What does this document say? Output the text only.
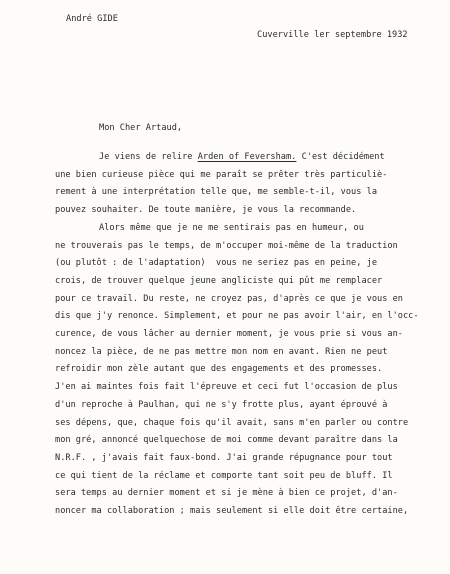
André GIDE
Cuverville ler septembre 1932
Mon Cher Artaud,
Je viens de relire Arden of Feversham. C'est décidément
une bien curieuse pièce qui me paraît se prêter très particuliè-
rement à une interprétation telle que, me semble-t-il, vous la
pouvez souhaiter. De toute manière, je vous la recommande.
Alors même que je ne me sentirais pas en humeur, ou
ne trouverais pas le temps, de m'occuper moi-même de la traduction
(ou plutôt : de l'adaptation)  vous ne seriez pas en peine, je
crois, de trouver quelque jeune angliciste qui pût me remplacer
pour ce travail. Du reste, ne croyez pas, d'après ce que je vous en
dis que j'y renonce. Simplement, et pour ne pas avoir l'air, en l'occ-
curence, de vous lâcher au dernier moment, je vous prie si vous an-
noncez la pièce, de ne pas mettre mon nom en avant. Rien ne peut
refroidir mon zèle autant que des engagements et des promesses.
J'en ai maintes fois fait l'épreuve et ceci fut l'occasion de plus
d'un reproche à Paulhan, qui ne s'y frotte plus, ayant éprouvé à
ses dépens, que, chaque fois qu'il avait, sans m'en parler ou contre
mon gré, annoncé quelquechose de moi comme devant paraître dans la
N.R.F. , j'avais fait faux-bond. J'ai grande répugnance pour tout
ce qui tient de la réclame et comporte tant soit peu de bluff. Il
sera temps au dernier moment et si je mène à bien ce projet, d'an-
noncer ma collaboration ; mais seulement si elle doit être certaine,
